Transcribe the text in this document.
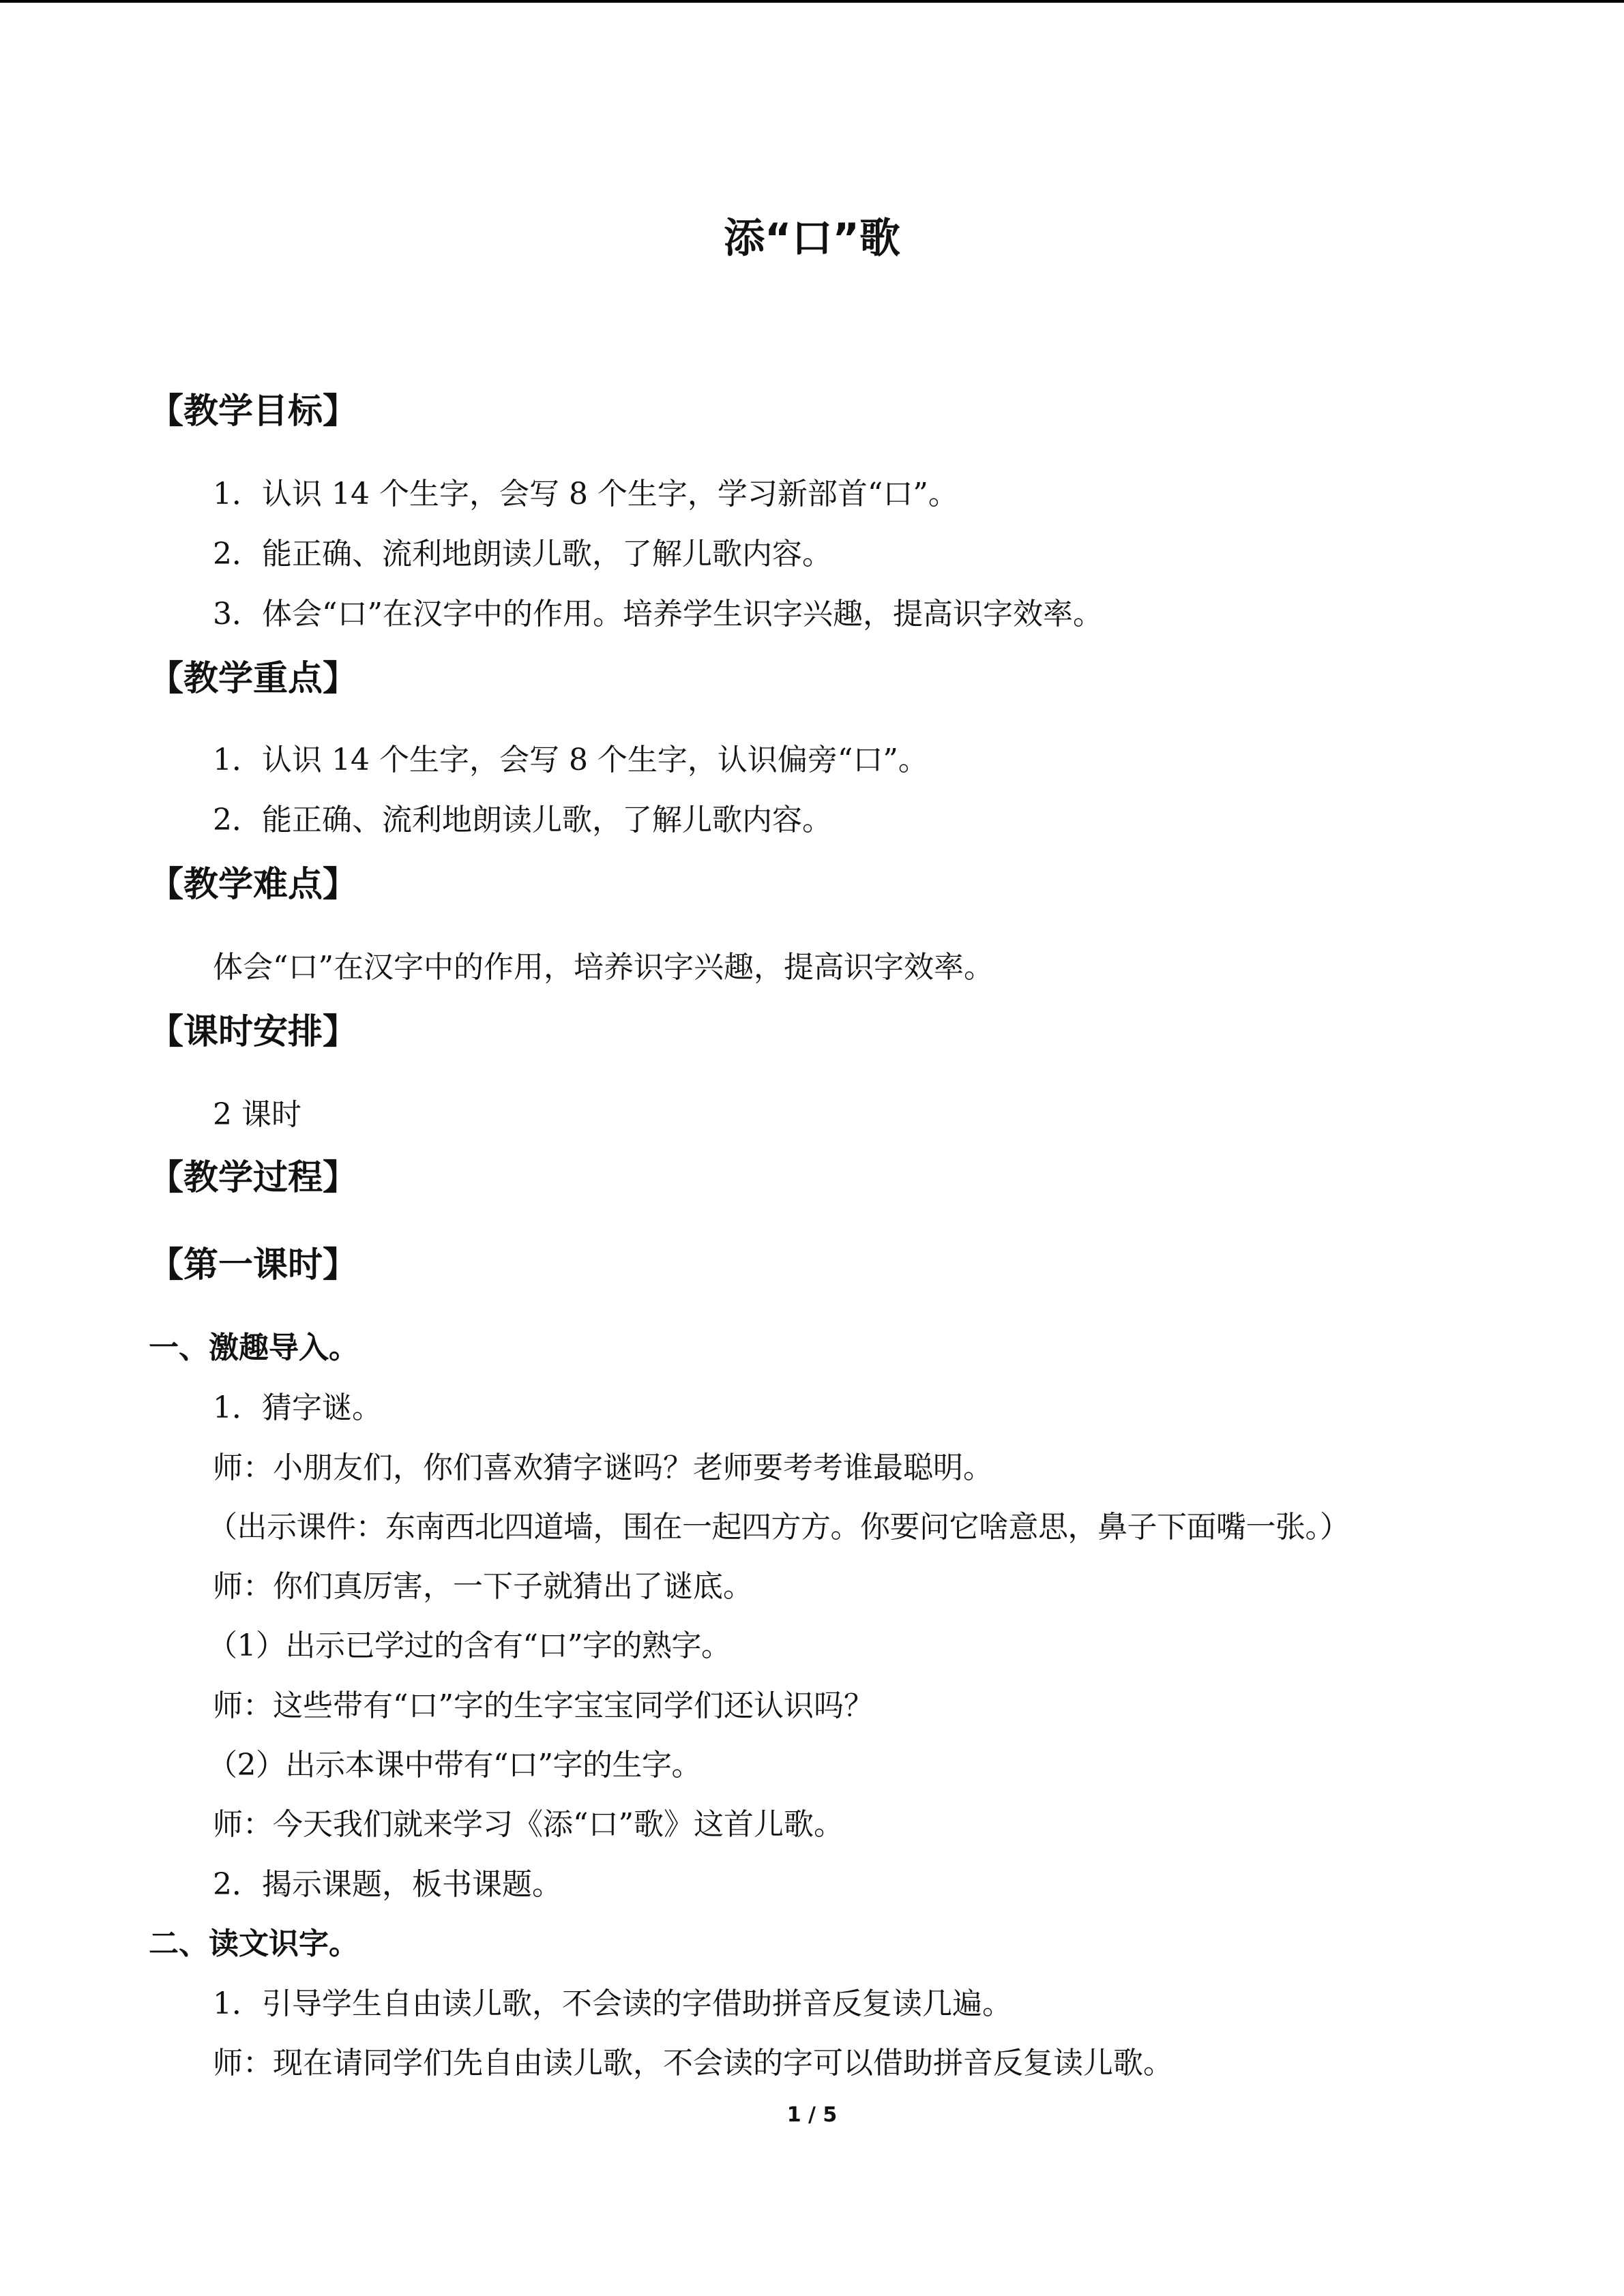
添“口”歌
【教学目标】
1．认识 14 个生字，会写 8 个生字，学习新部首“口”。
2．能正确、流利地朗读儿歌，了解儿歌内容。
3．体会“口”在汉字中的作用。培养学生识字兴趣，提高识字效率。
【教学重点】
1．认识 14 个生字，会写 8 个生字，认识偏旁“口”。
2．能正确、流利地朗读儿歌，了解儿歌内容。
【教学难点】
体会“口”在汉字中的作用，培养识字兴趣，提高识字效率。
【课时安排】
2 课时
【教学过程】
【第一课时】
一、激趣导入。
1．猜字谜。
师：小朋友们，你们喜欢猜字谜吗？老师要考考谁最聪明。
（出示课件：东南西北四道墙，围在一起四方方。你要问它啥意思，鼻子下面嘴一张。）
师：你们真厉害，一下子就猜出了谜底。
（1）出示已学过的含有“口”字的熟字。
师：这些带有“口”字的生字宝宝同学们还认识吗？
（2）出示本课中带有“口”字的生字。
师：今天我们就来学习《添“口”歌》这首儿歌。
2．揭示课题，板书课题。
二、读文识字。
1．引导学生自由读儿歌，不会读的字借助拼音反复读几遍。
师：现在请同学们先自由读儿歌，不会读的字可以借助拼音反复读儿歌。
1 / 5
